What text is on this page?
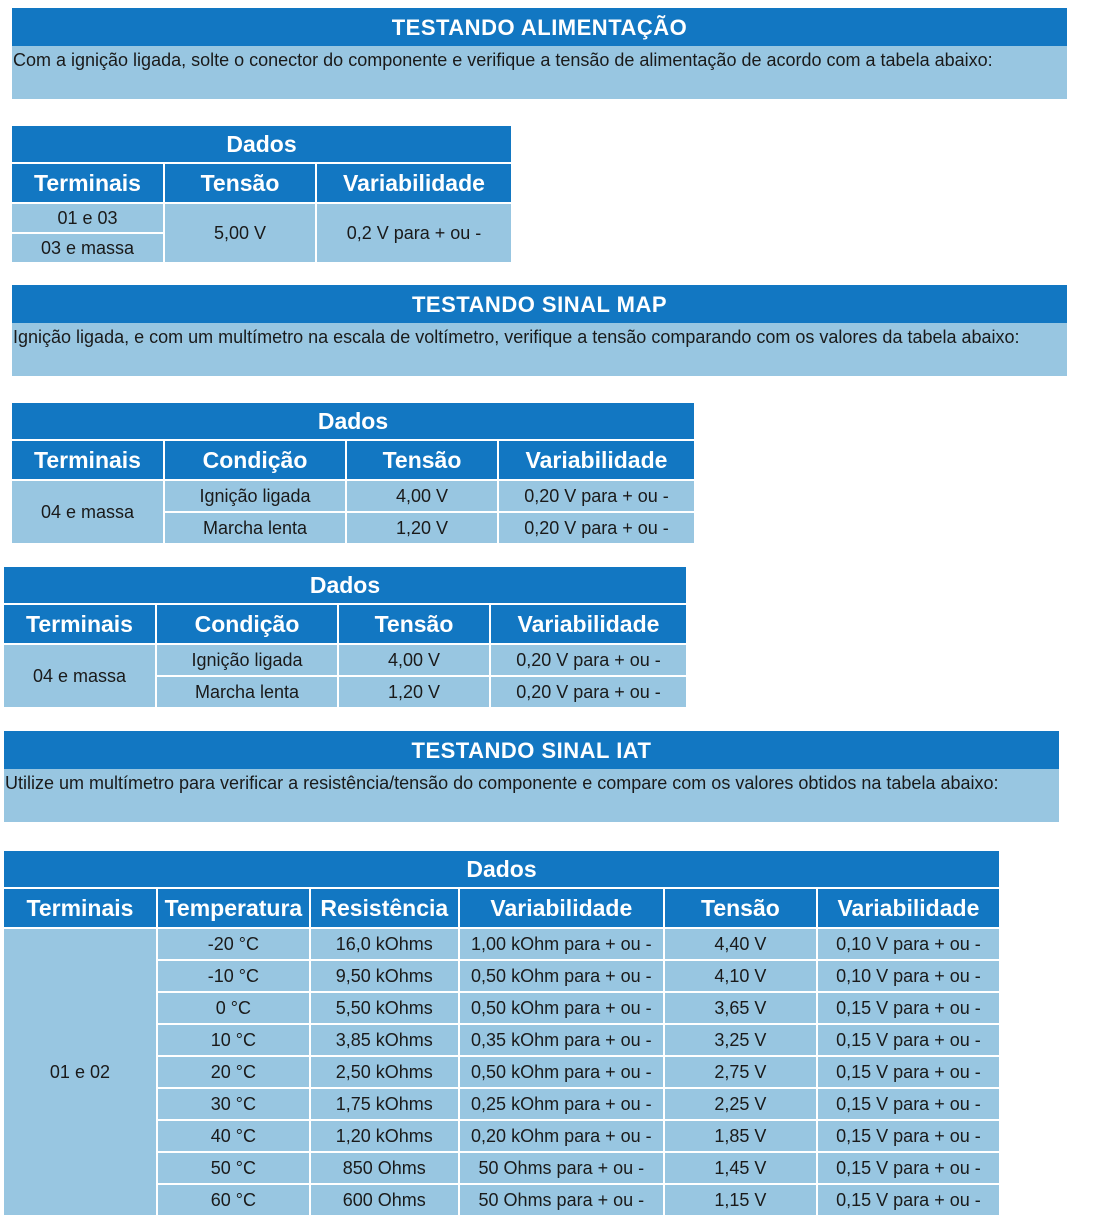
TESTANDO ALIMENTAÇÃO
Com a ignição ligada, solte o conector do componente e verifique a tensão de alimentação de acordo com a tabela abaixo:
Dados		
Terminais	Tensão	Variabilidade
01 e 03	5,00 V	0,2 V para + ou -
03 e massa		
TESTANDO SINAL MAP
Ignição ligada, e com um multímetro na escala de voltímetro, verifique a tensão comparando com os valores da tabela abaixo:
Dados			
Terminais	Condição	Tensão	Variabilidade
04 e massa	Ignição ligada	4,00 V	0,20 V para + ou -
	Marcha lenta	1,20 V	0,20 V para + ou -
Dados			
Terminais	Condição	Tensão	Variabilidade
04 e massa	Ignição ligada	4,00 V	0,20 V para + ou -
	Marcha lenta	1,20 V	0,20 V para + ou -
TESTANDO SINAL IAT
Utilize um multímetro para verificar a resistência/tensão do componente e compare com os valores obtidos na tabela abaixo:
Dados					
Terminais	Temperatura	Resistência	Variabilidade	Tensão	Variabilidade
01 e 02	-20 °C	16,0 kOhms	1,00 kOhm para + ou -	4,40 V	0,10 V para + ou -
	-10 °C	9,50 kOhms	0,50 kOhm para + ou -	4,10 V	0,10 V para + ou -
	0 °C	5,50 kOhms	0,50 kOhm para + ou -	3,65 V	0,15 V para + ou -
	10 °C	3,85 kOhms	0,35 kOhm para + ou -	3,25 V	0,15 V para + ou -
	20 °C	2,50 kOhms	0,50 kOhm para + ou -	2,75 V	0,15 V para + ou -
	30 °C	1,75 kOhms	0,25 kOhm para + ou -	2,25 V	0,15 V para + ou -
	40 °C	1,20 kOhms	0,20 kOhm para + ou -	1,85 V	0,15 V para + ou -
	50 °C	850 Ohms	50 Ohms para + ou -	1,45 V	0,15 V para + ou -
	60 °C	600 Ohms	50 Ohms para + ou -	1,15 V	0,15 V para + ou -
